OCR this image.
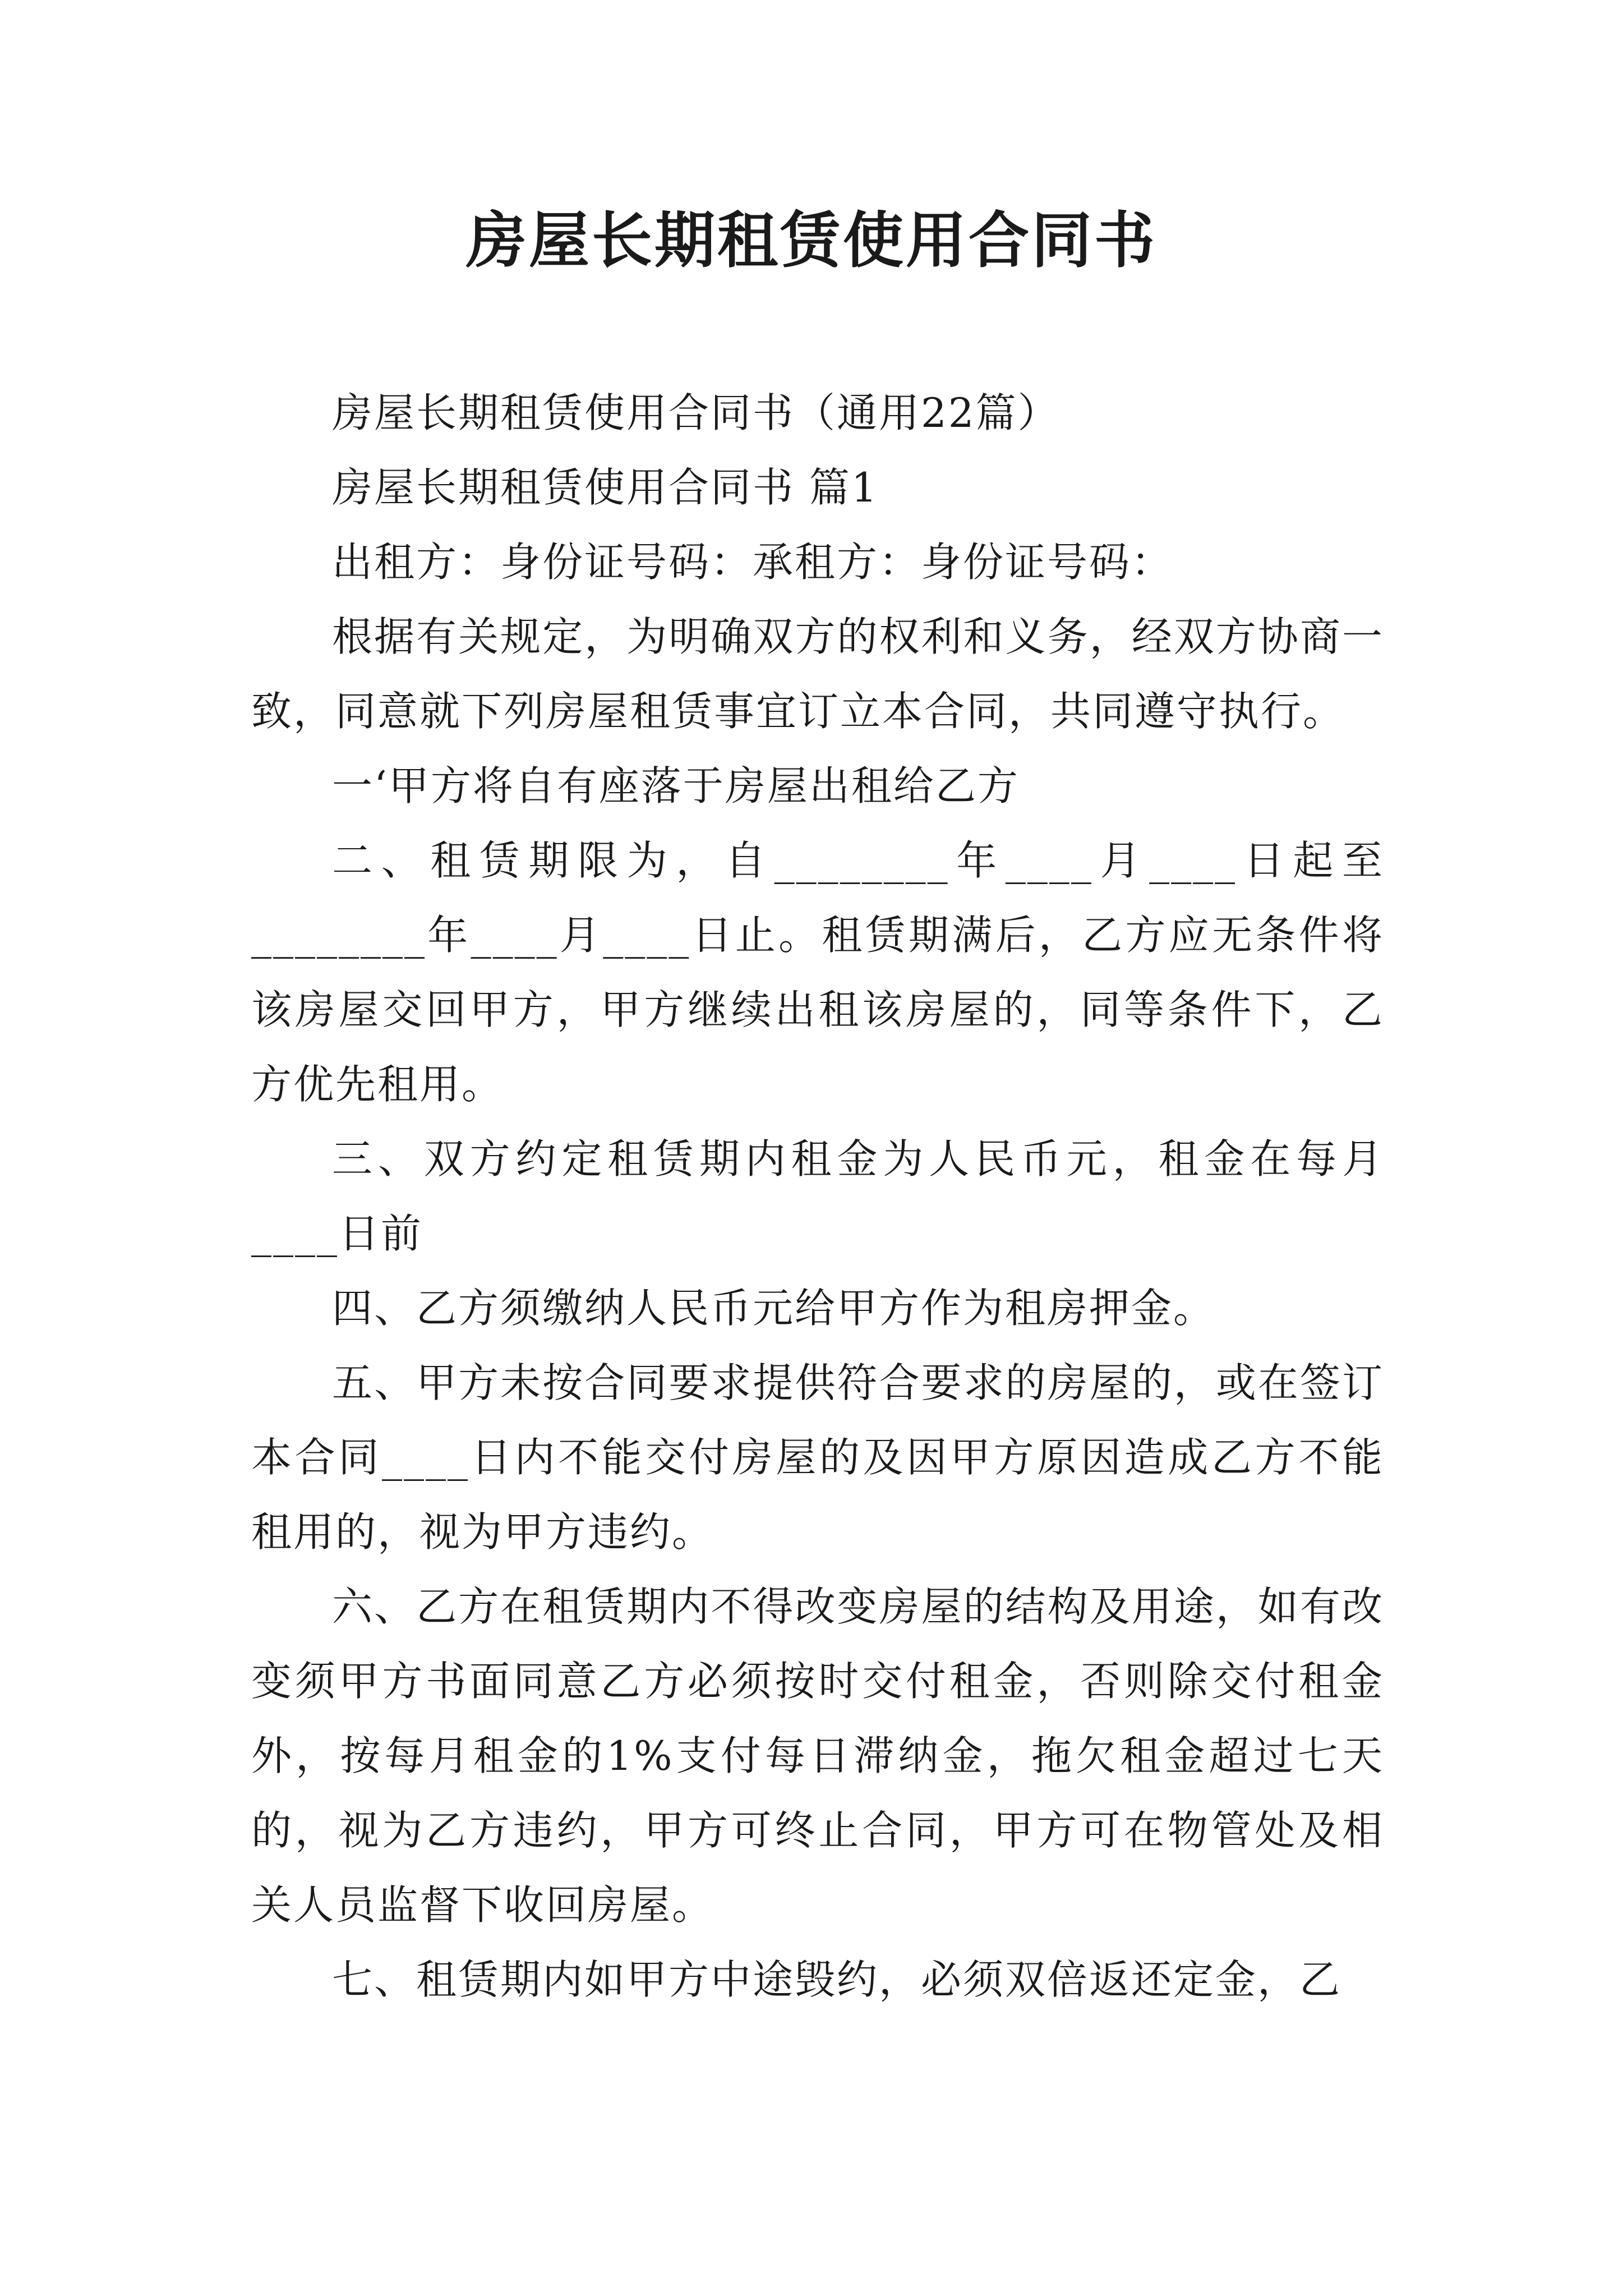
房屋长期租赁使用合同书

房屋长期租赁使用合同书（通用22篇）

房屋长期租赁使用合同书 篇1

出租方：身份证号码：承租方：身份证号码：

根据有关规定，为明确双方的权利和义务，经双方协商一致，同意就下列房屋租赁事宜订立本合同，共同遵守执行。

一‘甲方将自有座落于房屋出租给乙方

二、租赁期限为，自________年____月____日起至________年____月____日止。租赁期满后，乙方应无条件将该房屋交回甲方，甲方继续出租该房屋的，同等条件下，乙方优先租用。

三、双方约定租赁期内租金为人民币元，租金在每月____日前

四、乙方须缴纳人民币元给甲方作为租房押金。

五、甲方未按合同要求提供符合要求的房屋的，或在签订本合同____日内不能交付房屋的及因甲方原因造成乙方不能租用的，视为甲方违约。

六、乙方在租赁期内不得改变房屋的结构及用途，如有改变须甲方书面同意乙方必须按时交付租金，否则除交付租金外，按每月租金的1%支付每日滞纳金，拖欠租金超过七天的，视为乙方违约，甲方可终止合同，甲方可在物管处及相关人员监督下收回房屋。

七、租赁期内如甲方中途毁约，必须双倍返还定金，乙
